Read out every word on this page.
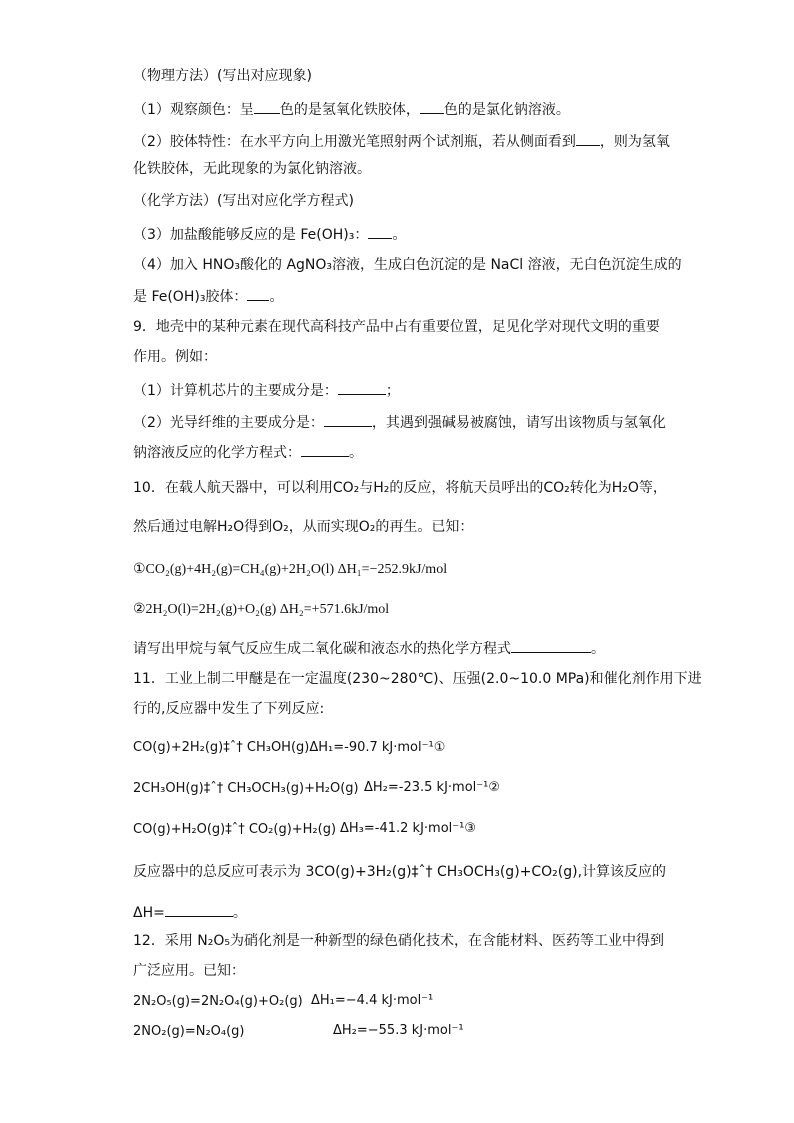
（物理方法）(写出对应现象)
（1）观察颜色：呈 色的是氢氧化铁胶体， 色的是氯化钠溶液。
（2）胶体特性：在水平方向上用激光笔照射两个试剂瓶，若从侧面看到 ，则为氢氧
化铁胶体，无此现象的为氯化钠溶液。
（化学方法）(写出对应化学方程式)
（3）加盐酸能够反应的是 Fe(OH)₃： 。
（4）加入 HNO₃酸化的 AgNO₃溶液，生成白色沉淀的是 NaCl 溶液，无白色沉淀生成的
是 Fe(OH)₃胶体： 。
9．地壳中的某种元素在现代高科技产品中占有重要位置，足见化学对现代文明的重要
作用。例如：
（1）计算机芯片的主要成分是：	；
（2）光导纤维的主要成分是：	，其遇到强碱易被腐蚀，请写出该物质与氢氧化
钠溶液反应的化学方程式：	。
10．在载人航天器中，可以利用CO₂与H₂的反应，将航天员呼出的CO₂转化为H₂O等，
然后通过电解H₂O得到O₂，从而实现O₂的再生。已知：
①CO₂(g)+4H₂(g)=CH₄(g)+2H₂O(l) ΔH₁=−252.9kJ/mol
②2H₂O(l)=2H₂(g)+O₂(g) ΔH₂=+571.6kJ/mol
请写出甲烷与氧气反应生成二氧化碳和液态水的热化学方程式	。
11．工业上制二甲醚是在一定温度(230~280℃)、压强(2.0~10.0 MPa)和催化剂作用下进
行的,反应器中发生了下列反应:
CO(g)+2H₂(g)‡ˆ† CH₃OH(g)ΔH₁=-90.7 kJ·mol⁻¹①
2CH₃OH(g)‡ˆ† CH₃OCH₃(g)+H₂O(g) ΔH₂=-23.5 kJ·mol⁻¹②
CO(g)+H₂O(g)‡ˆ† CO₂(g)+H₂(g) ΔH₃=-41.2 kJ·mol⁻¹③
反应器中的总反应可表示为 3CO(g)+3H₂(g)‡ˆ† CH₃OCH₃(g)+CO₂(g),计算该反应的
ΔH=	。
12．采用 N₂O₅为硝化剂是一种新型的绿色硝化技术，在含能材料、医药等工业中得到
广泛应用。已知：
2N₂O₅(g)=2N₂O₄(g)+O₂(g) ΔH₁=−4.4 kJ·mol⁻¹
2NO₂(g)=N₂O₄(g)	ΔH₂=−55.3 kJ·mol⁻¹
